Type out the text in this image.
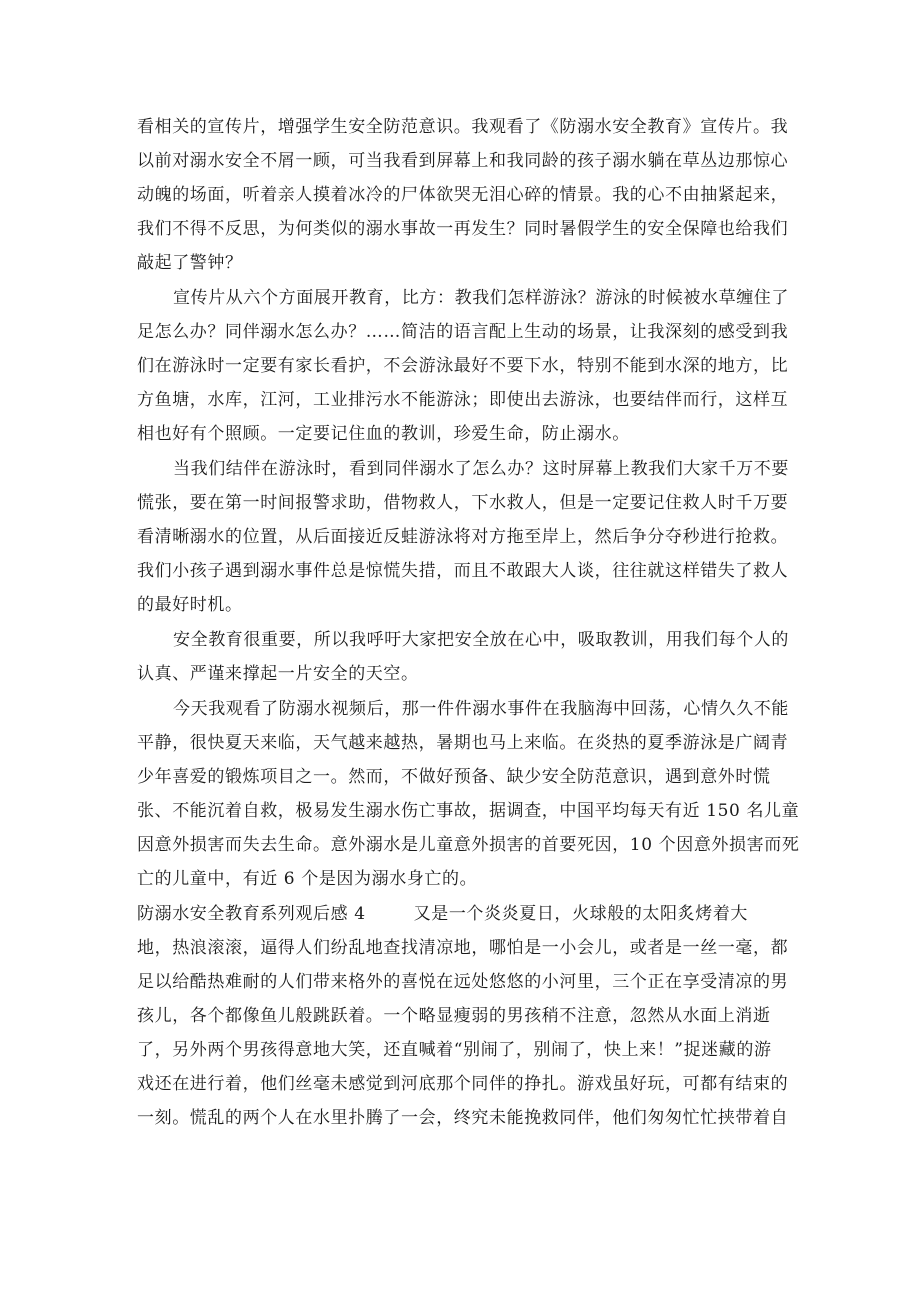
看相关的宣传片，增强学生安全防范意识。我观看了《防溺水安全教育》宣传片。我
以前对溺水安全不屑一顾，可当我看到屏幕上和我同龄的孩子溺水躺在草丛边那惊心
动魄的场面，听着亲人摸着冰冷的尸体欲哭无泪心碎的情景。我的心不由抽紧起来，
我们不得不反思，为何类似的溺水事故一再发生？同时暑假学生的安全保障也给我们
敲起了警钟？
宣传片从六个方面展开教育，比方：教我们怎样游泳？游泳的时候被水草缠住了
足怎么办？同伴溺水怎么办？……简洁的语言配上生动的场景，让我深刻的感受到我
们在游泳时一定要有家长看护，不会游泳最好不要下水，特别不能到水深的地方，比
方鱼塘，水库，江河，工业排污水不能游泳；即使出去游泳，也要结伴而行，这样互
相也好有个照顾。一定要记住血的教训，珍爱生命，防止溺水。
当我们结伴在游泳时，看到同伴溺水了怎么办？这时屏幕上教我们大家千万不要
慌张，要在第一时间报警求助，借物救人，下水救人，但是一定要记住救人时千万要
看清晰溺水的位置，从后面接近反蛙游泳将对方拖至岸上，然后争分夺秒进行抢救。
我们小孩子遇到溺水事件总是惊慌失措，而且不敢跟大人谈，往往就这样错失了救人
的最好时机。
安全教育很重要，所以我呼吁大家把安全放在心中，吸取教训，用我们每个人的
认真、严谨来撑起一片安全的天空。
今天我观看了防溺水视频后，那一件件溺水事件在我脑海中回荡，心情久久不能
平静，很快夏天来临，天气越来越热，暑期也马上来临。在炎热的夏季游泳是广阔青
少年喜爱的锻炼项目之一。然而，不做好预备、缺少安全防范意识，遇到意外时慌
张、不能沉着自救，极易发生溺水伤亡事故，据调查，中国平均每天有近 150 名儿童
因意外损害而失去生命。意外溺水是儿童意外损害的首要死因，10 个因意外损害而死
亡的儿童中，有近 6 个是因为溺水身亡的。
防溺水安全教育系列观后感 4	又是一个炎炎夏日，火球般的太阳炙烤着大
地，热浪滚滚，逼得人们纷乱地查找清凉地，哪怕是一小会儿，或者是一丝一毫，都
足以给酷热难耐的人们带来格外的喜悦在远处悠悠的小河里，三个正在享受清凉的男
孩儿，各个都像鱼儿般跳跃着。一个略显瘦弱的男孩稍不注意，忽然从水面上消逝
了，另外两个男孩得意地大笑，还直喊着“别闹了，别闹了，快上来！”捉迷藏的游
戏还在进行着，他们丝毫未感觉到河底那个同伴的挣扎。游戏虽好玩，可都有结束的
一刻。慌乱的两个人在水里扑腾了一会，终究未能挽救同伴，他们匆匆忙忙挟带着自
